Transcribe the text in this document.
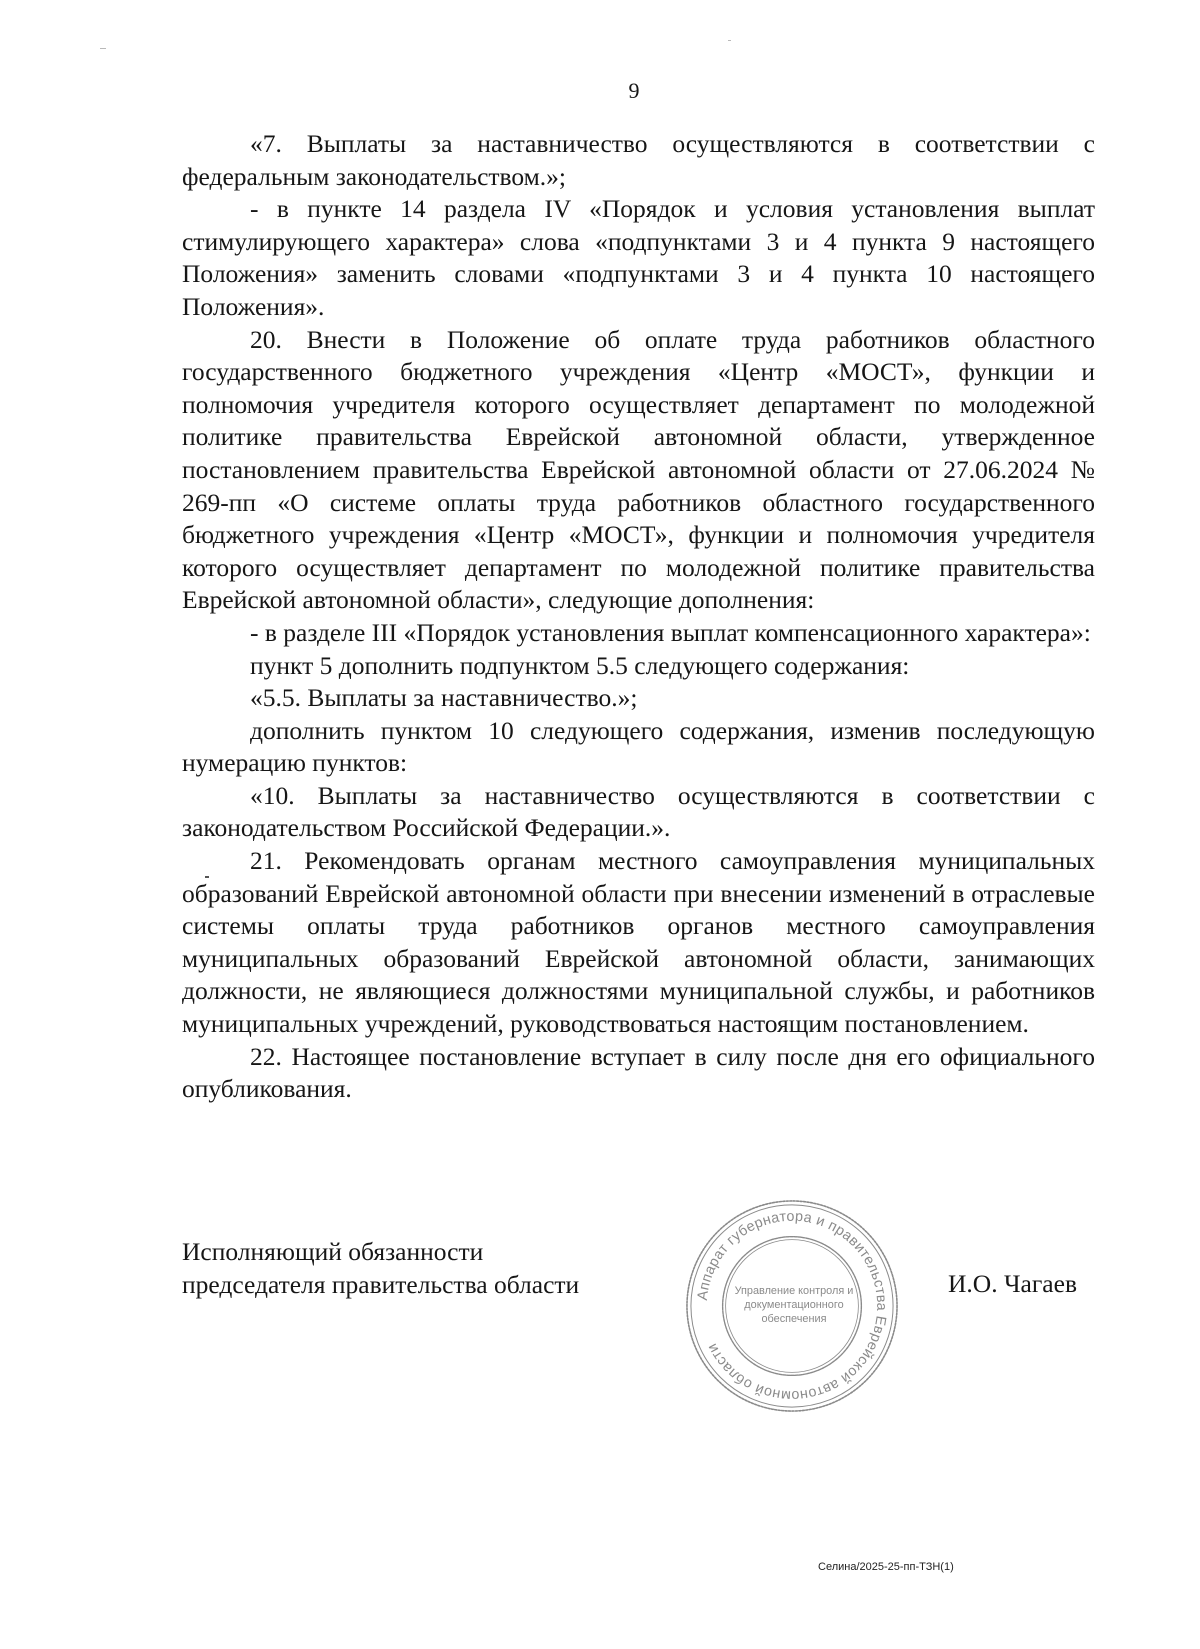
9

«7. Выплаты за наставничество осуществляются в соответствии с федеральным законодательством.»;

- в пункте 14 раздела IV «Порядок и условия установления выплат стимулирующего характера» слова «подпунктами 3 и 4 пункта 9 настоящего Положения» заменить словами «подпунктами 3 и 4 пункта 10 настоящего Положения».

20. Внести в Положение об оплате труда работников областного государственного бюджетного учреждения «Центр «МОСТ», функции и полномочия учредителя которого осуществляет департамент по молодежной политике правительства Еврейской автономной области, утвержденное постановлением правительства Еврейской автономной области от 27.06.2024 № 269-пп «О системе оплаты труда работников областного государственного бюджетного учреждения «Центр «МОСТ», функции и полномочия учредителя которого осуществляет департамент по молодежной политике правительства Еврейской автономной области», следующие дополнения:

- в разделе III «Порядок установления выплат компенсационного характера»:

пункт 5 дополнить подпунктом 5.5 следующего содержания:

«5.5. Выплаты за наставничество.»;

дополнить пунктом 10 следующего содержания, изменив последующую нумерацию пунктов:

«10. Выплаты за наставничество осуществляются в соответствии с законодательством Российской Федерации.».

21. Рекомендовать органам местного самоуправления муниципальных образований Еврейской автономной области при внесении изменений в отраслевые системы оплаты труда работников органов местного самоуправления муниципальных образований Еврейской автономной области, занимающих должности, не являющиеся должностями муниципальной службы, и работников муниципальных учреждений, руководствоваться настоящим постановлением.

22. Настоящее постановление вступает в силу после дня его официального опубликования.

Исполняющий обязанности
председателя правительства области	Аппарат губернатора и правительства Еврейской автономной области
Управление контроля и
документационного
обеспечения
И.О. Чагаев
Селина/2025-25-пп-ТЗН(1)
